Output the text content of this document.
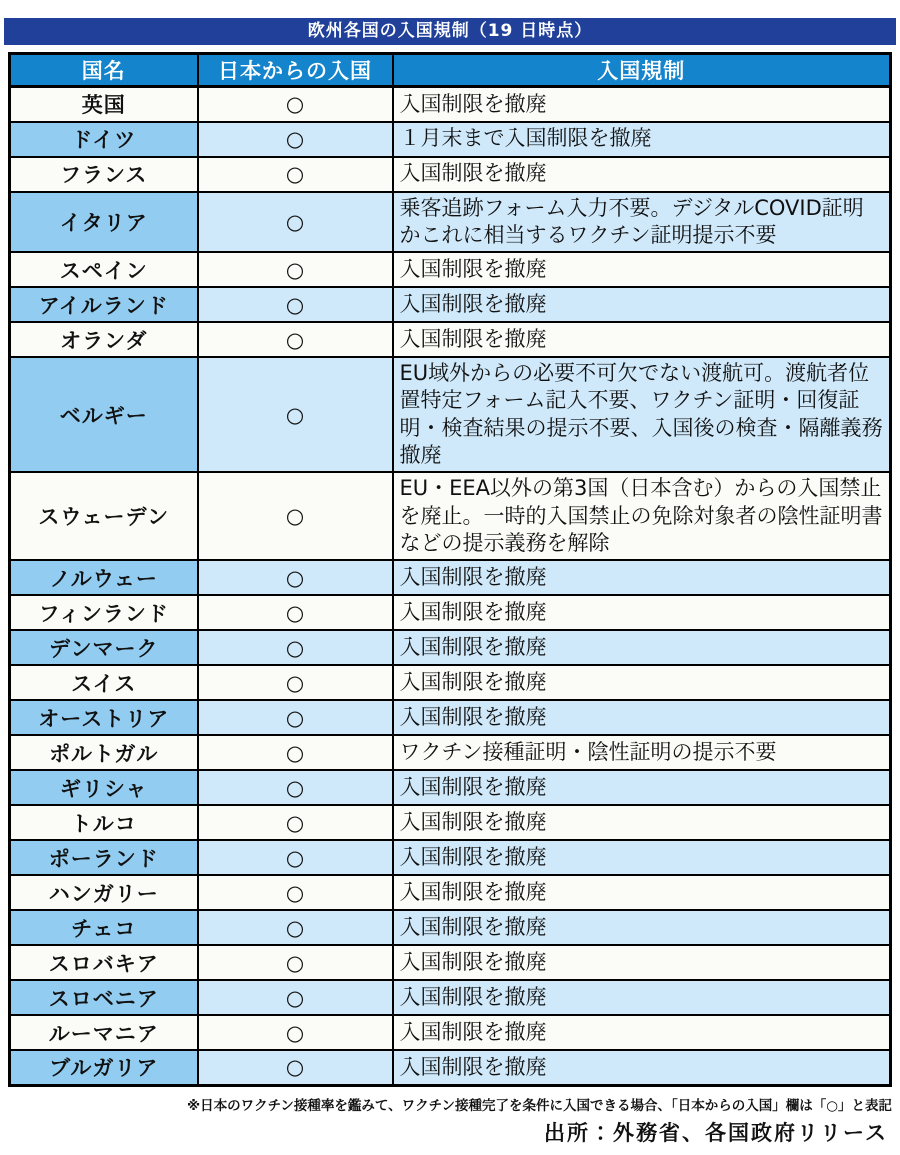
欧州各国の入国規制（19 日時点）
国名	日本からの入国	入国規制
英国	○	入国制限を撤廃
ドイツ	○	１月末まで入国制限を撤廃
フランス	○	入国制限を撤廃
イタリア	○	乗客追跡フォーム入力不要。デジタルCOVID証明かこれに相当するワクチン証明提示不要
スペイン	○	入国制限を撤廃
アイルランド	○	入国制限を撤廃
オランダ	○	入国制限を撤廃
ベルギー	○	EU域外からの必要不可欠でない渡航可。渡航者位置特定フォーム記入不要、ワクチン証明・回復証明・検査結果の提示不要、入国後の検査・隔離義務撤廃
スウェーデン	○	EU・EEA以外の第3国（日本含む）からの入国禁止を廃止。一時的入国禁止の免除対象者の陰性証明書などの提示義務を解除
ノルウェー	○	入国制限を撤廃
フィンランド	○	入国制限を撤廃
デンマーク	○	入国制限を撤廃
スイス	○	入国制限を撤廃
オーストリア	○	入国制限を撤廃
ポルトガル	○	ワクチン接種証明・陰性証明の提示不要
ギリシャ	○	入国制限を撤廃
トルコ	○	入国制限を撤廃
ポーランド	○	入国制限を撤廃
ハンガリー	○	入国制限を撤廃
チェコ	○	入国制限を撤廃
スロバキア	○	入国制限を撤廃
スロベニア	○	入国制限を撤廃
ルーマニア	○	入国制限を撤廃
ブルガリア	○	入国制限を撤廃
※日本のワクチン接種率を鑑みて、ワクチン接種完了を条件に入国できる場合、「日本からの入国」欄は「○」と表記
出所：外務省、各国政府リリース
